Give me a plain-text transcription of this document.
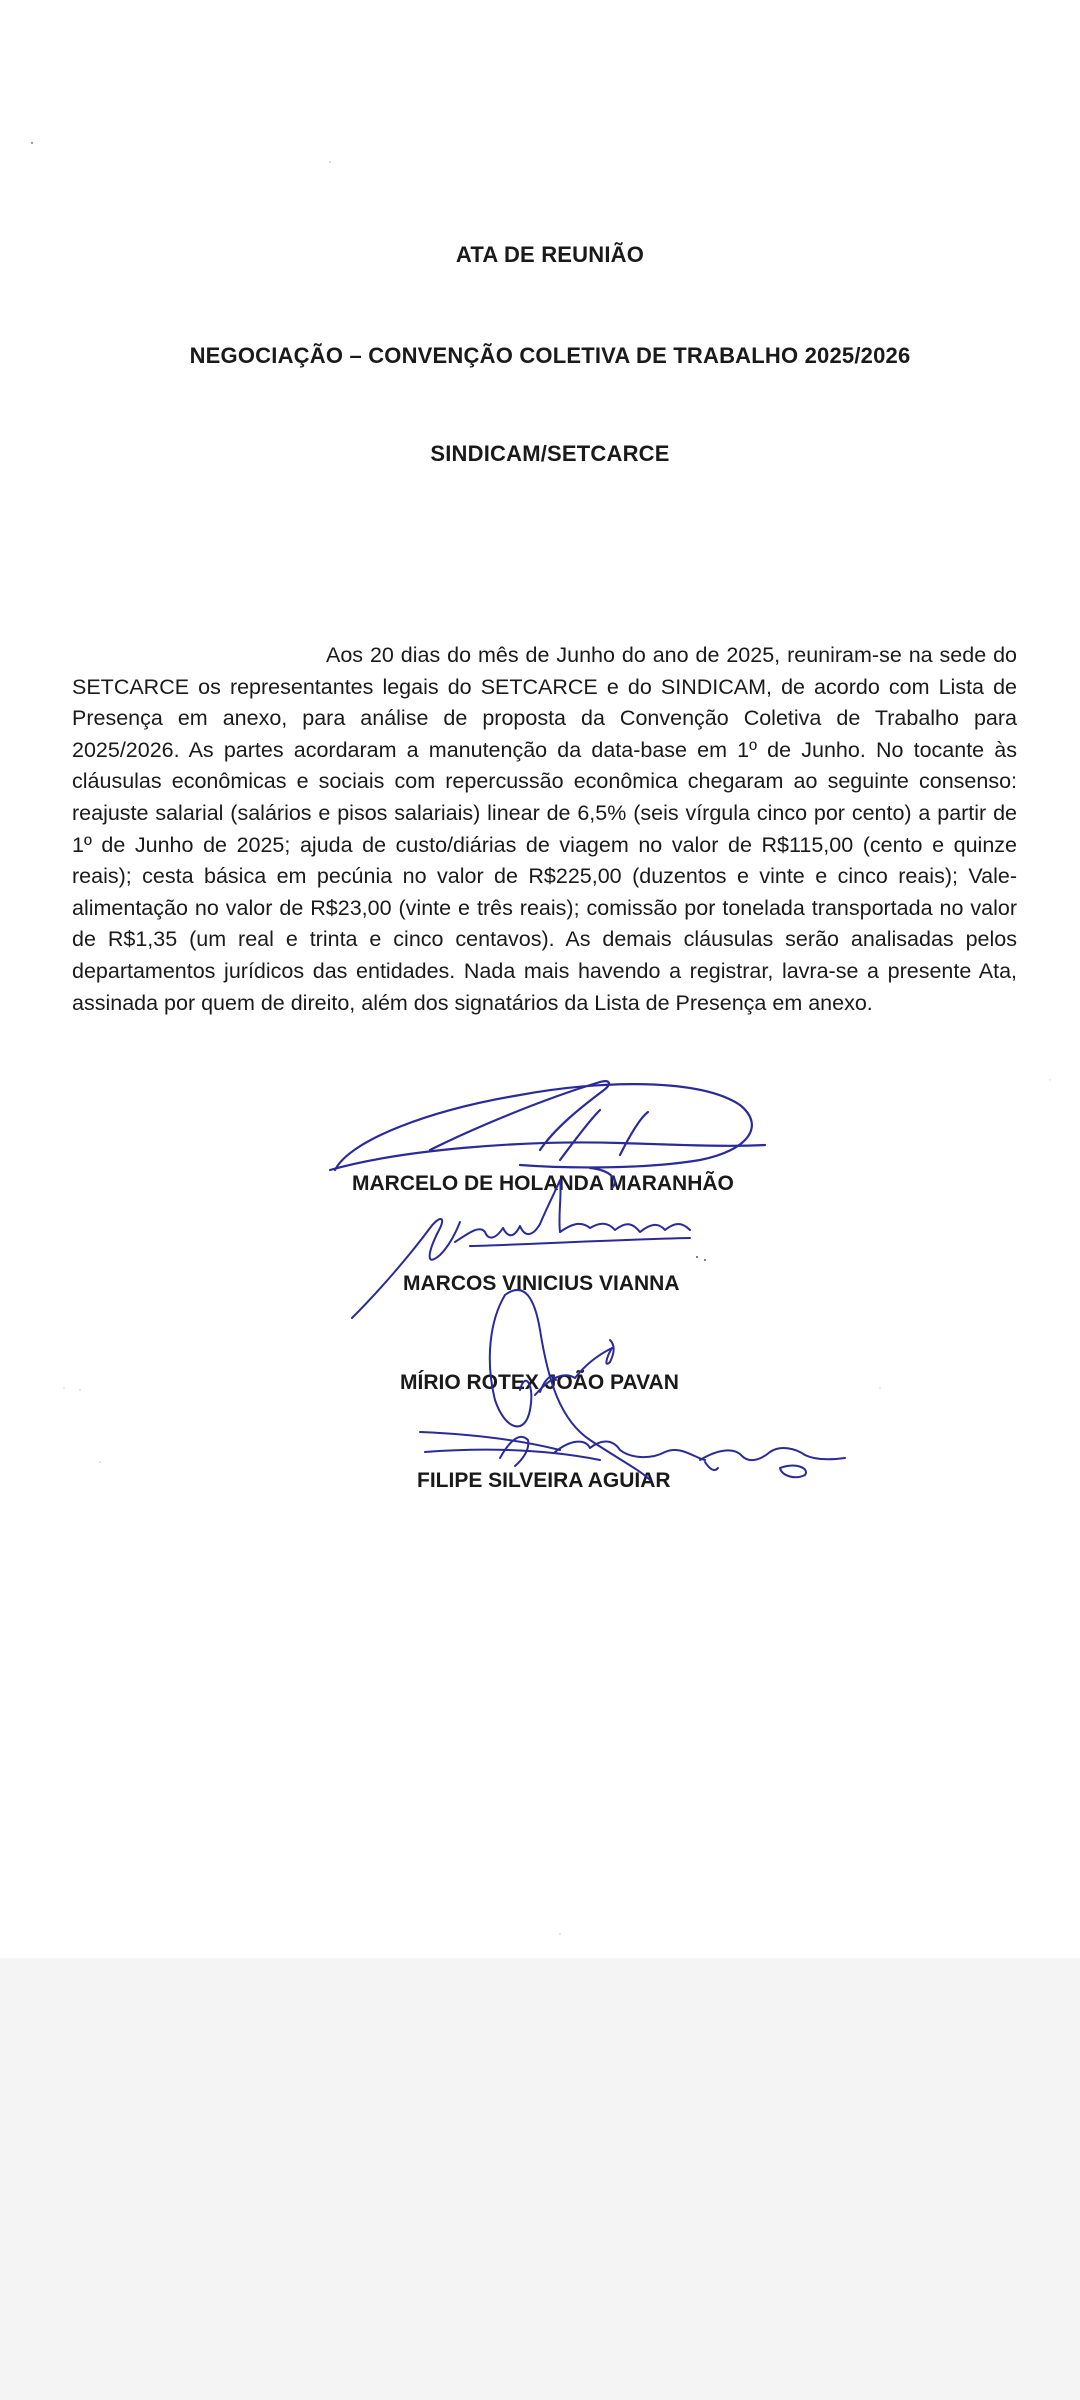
ATA DE REUNIÃO
NEGOCIAÇÃO – CONVENÇÃO COLETIVA DE TRABALHO 2025/2026
SINDICAM/SETCARCE

Aos 20 dias do mês de Junho do ano de 2025, reuniram-se na sede do SETCARCE os representantes legais do SETCARCE e do SINDICAM, de acordo com Lista de Presença em anexo, para análise de proposta da Convenção Coletiva de Trabalho para 2025/2026. As partes acordaram a manutenção da data-base em 1º de Junho. No tocante às cláusulas econômicas e sociais com repercussão econômica chegaram ao seguinte consenso: reajuste salarial (salários e pisos salariais) linear de 6,5% (seis vírgula cinco por cento) a partir de 1º de Junho de 2025; ajuda de custo/diárias de viagem no valor de R$115,00 (cento e quinze reais); cesta básica em pecúnia no valor de R$225,00 (duzentos e vinte e cinco reais); Vale-alimentação no valor de R$23,00 (vinte e três reais); comissão por tonelada transportada no valor de R$1,35 (um real e trinta e cinco centavos). As demais cláusulas serão analisadas pelos departamentos jurídicos das entidades. Nada mais havendo a registrar, lavra-se a presente Ata, assinada por quem de direito, além dos signatários da Lista de Presença em anexo.

MARCELO DE HOLANDA MARANHÃO
MARCOS VINICIUS VIANNA
MÍRIO ROTEX JOÃO PAVAN
FILIPE SILVEIRA AGUIAR
